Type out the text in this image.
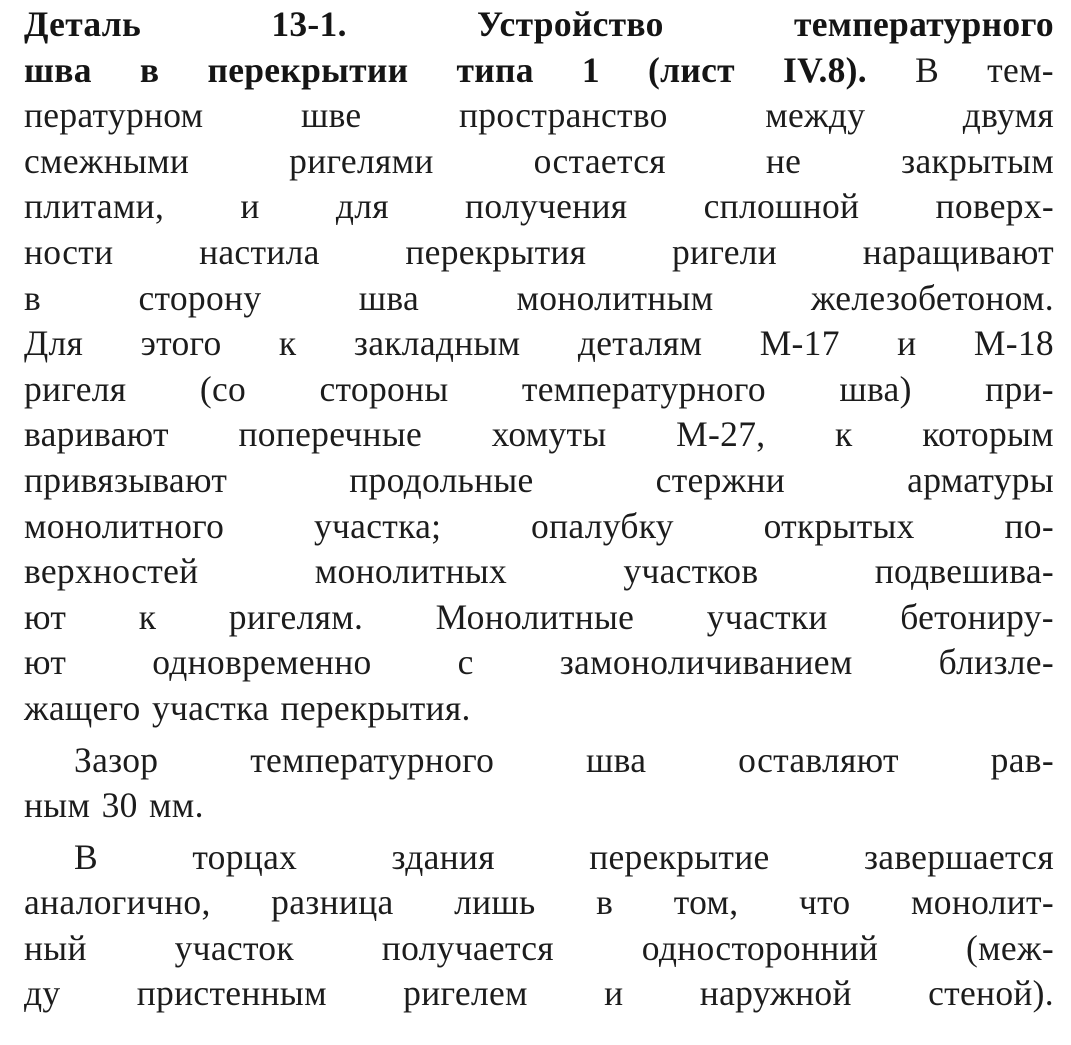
Деталь	13-1.	Устройство	температурного
шва в перекрытии типа 1 (лист IV.8). В тем-
пературном	шве	пространство	между	двумя
смежными	ригелями	остается	не	закрытым
плитами, и для получения сплошной поверх-
ности настила перекрытия ригели наращивают
в	сторону	шва	монолитным	железобетоном.
Для этого к закладным деталям М-17 и М-18
ригеля (со стороны температурного шва) при-
варивают поперечные хомуты М-27, к которым
привязывают	продольные	стержни	арматуры
монолитного	участка;	опалубку	открытых	по-
верхностей	монолитных	участков	подвешива-
ют к ригелям. Монолитные участки бетониру-
ют одновременно с замоноличиванием близле-
жащего участка перекрытия.
Зазор	температурного	шва	оставляют	рав-
ным 30 мм.
В	торцах	здания	перекрытие	завершается
аналогично, разница лишь в том, что монолит-
ный участок получается односторонний (меж-
ду пристенным ригелем и наружной стеной).
